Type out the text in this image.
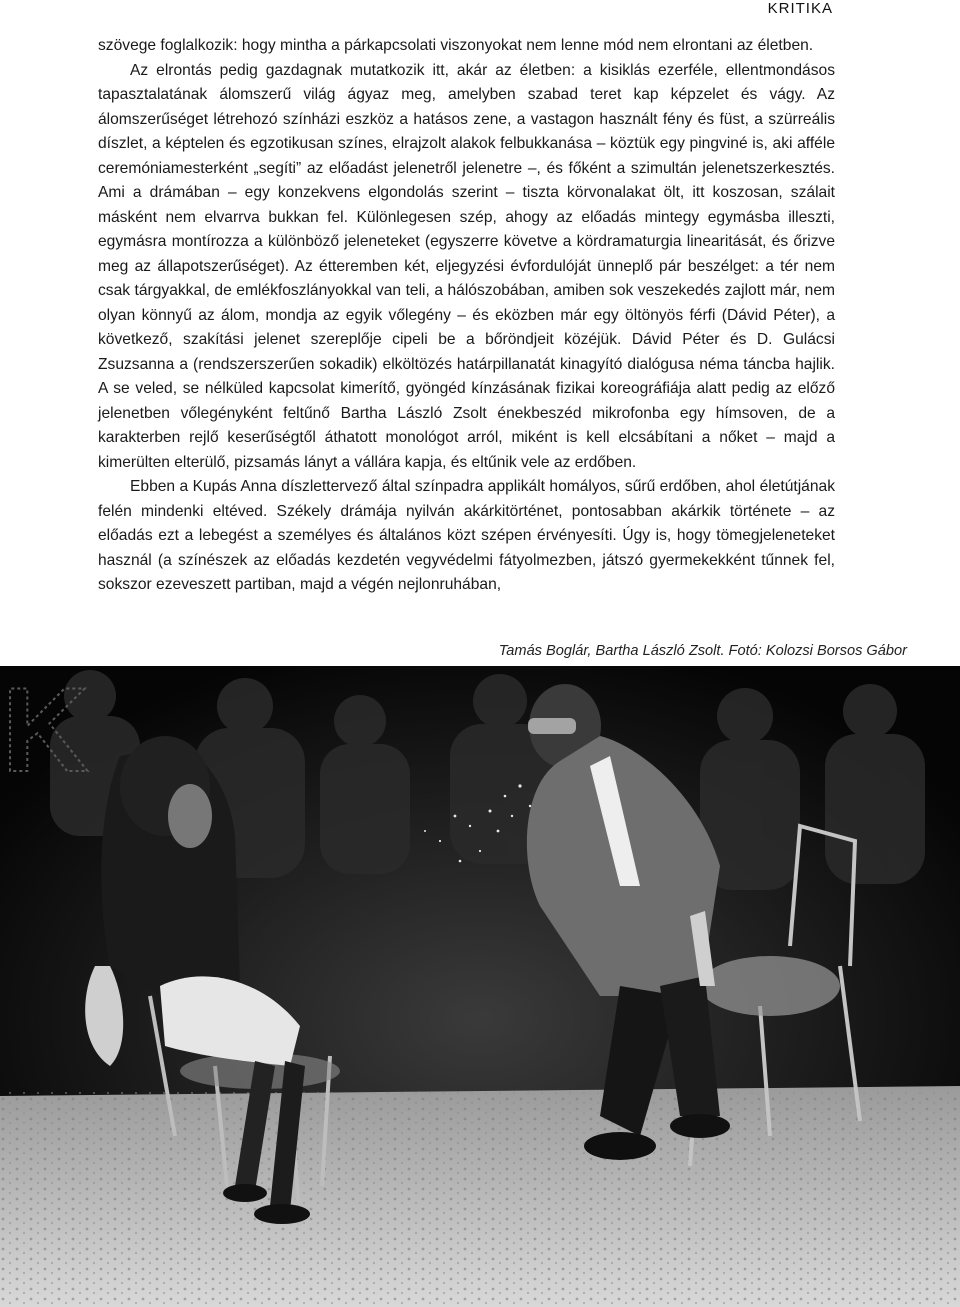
KRITIKA

szövege foglalkozik: hogy mintha a párkapcsolati viszonyokat nem lenne mód nem elrontani az életben.

Az elrontás pedig gazdagnak mutatkozik itt, akár az életben: a kisiklás ezerféle, ellentmondásos tapasztalatának álomszerű világ ágyaz meg, amelyben szabad teret kap képzelet és vágy. Az álomszerűséget létrehozó színházi eszköz a hatásos zene, a vastagon használt fény és füst, a szürreális díszlet, a képtelen és egzotikusan színes, elrajzolt alakok felbukkanása – köztük egy pingviné is, aki afféle ceremóniamesterként „segíti” az előadást jelenetről jelenetre –, és főként a szimultán jelenetszerkesztés. Ami a drámában – egy konzekvens elgondolás szerint – tiszta körvonalakat ölt, itt koszosan, szálait másként nem elvarrva bukkan fel. Különlegesen szép, ahogy az előadás mintegy egymásba illeszti, egymásra montírozza a különböző jeleneteket (egyszerre követve a kördramaturgia linearitását, és őrizve meg az állapotszerűséget). Az étteremben két, eljegyzési évfordulóját ünneplő pár beszélget: a tér nem csak tárgyakkal, de emlékfoszlányokkal van teli, a hálószobában, amiben sok veszekedés zajlott már, nem olyan könnyű az álom, mondja az egyik vőlegény – és eközben már egy öltönyös férfi (Dávid Péter), a következő, szakítási jelenet szereplője cipeli be a bőröndjeit közéjük. Dávid Péter és D. Gulácsi Zsuzsanna a (rendszerszerűen sokadik) elköltözés határpillanatát kinagyító dialógusa néma táncba hajlik. A se veled, se nélküled kapcsolat kimerítő, gyöngéd kínzásának fizikai koreográfiája alatt pedig az előző jelenetben vőlegényként feltűnő Bartha László Zsolt énekbeszéd mikrofonba egy hímsoven, de a karakterben rejlő keserűségtől áthatott monológot arról, miként is kell elcsábítani a nőket – majd a kimerülten elterülő, pizsamás lányt a vállára kapja, és eltűnik vele az erdőben.

Ebben a Kupás Anna díszlettervező által színpadra applikált homályos, sűrű erdőben, ahol életútjának felén mindenki eltéved. Székely drámája nyilván akárkitörténet, pontosabban akárkik története – az előadás ezt a lebegést a személyes és általános közt szépen érvényesíti. Úgy is, hogy tömegjeleneteket használ (a színészek az előadás kezdetén vegyvédelmi fátyolmezben, játszó gyermekekként tűnnek fel, sokszor ezeveszett partiban, majd a végén nejlonruhában,

Tamás Boglár, Bartha László Zsolt. Fotó: Kolozsi Borsos Gábor
K
